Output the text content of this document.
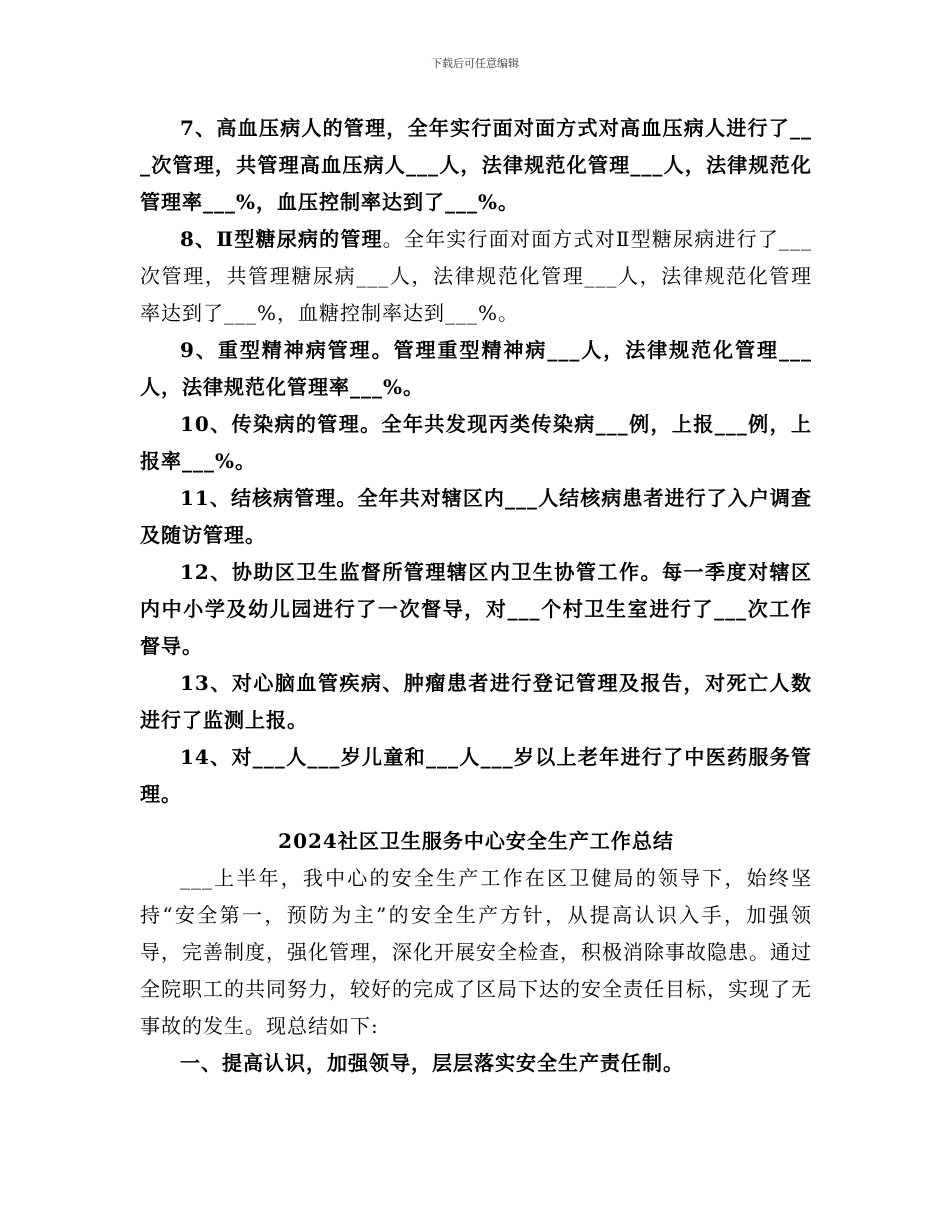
下载后可任意编辑

7、高血压病人的管理，全年实行面对面方式对高血压病人进行了___次管理，共管理高血压病人___人，法律规范化管理___人，法律规范化管理率___%，血压控制率达到了___%。

8、Ⅱ型糖尿病的管理。全年实行面对面方式对Ⅱ型糖尿病进行了___次管理，共管理糖尿病___人，法律规范化管理___人，法律规范化管理率达到了___%，血糖控制率达到___%。

9、重型精神病管理。管理重型精神病___人，法律规范化管理___人，法律规范化管理率___%。

10、传染病的管理。全年共发现丙类传染病___例，上报___例，上报率___%。

11、结核病管理。全年共对辖区内___人结核病患者进行了入户调查及随访管理。

12、协助区卫生监督所管理辖区内卫生协管工作。每一季度对辖区内中小学及幼儿园进行了一次督导，对___个村卫生室进行了___次工作督导。

13、对心脑血管疾病、肿瘤患者进行登记管理及报告，对死亡人数进行了监测上报。

14、对___人___岁儿童和___人___岁以上老年进行了中医药服务管理。

2024社区卫生服务中心安全生产工作总结

___上半年，我中心的安全生产工作在区卫健局的领导下，始终坚持“安全第一，预防为主”的安全生产方针，从提高认识入手，加强领导，完善制度，强化管理，深化开展安全检查，积极消除事故隐患。通过全院职工的共同努力，较好的完成了区局下达的安全责任目标，实现了无事故的发生。现总结如下:

一、提高认识，加强领导，层层落实安全生产责任制。
